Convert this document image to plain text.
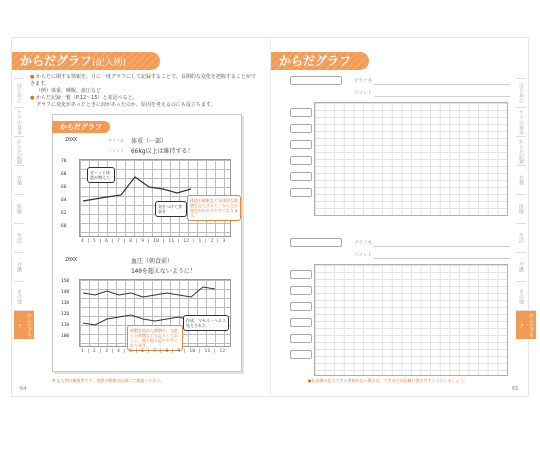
からだグラフ(記入例)
● からだに関する情報を、月に一度グラフにして記録することで、長期的な変化を把握することができます。
（例）体重、睡眠、血圧など
● からだ記録一覧（P.12～15）と並記べると、
グラフに変化があったときに何があったのか、原因を考えるのにも役立ちます。
からだグラフ
20XX	グラフ名 体重（一部）
コメント 66kg以上は維持する！
70
68
66
64
62
60
ガーッと体重が増えた
気をつけて食事を
体重や睡眠など具体的な数値を記入すると、からだの変化がわかりやすくなります。
4 | 5 | 6 | 7 | 8 | 9 | 10 | 11 | 12 | 1 | 2 | 3
20XX	血圧（朝食前）
140を超えないように！
150
140
130
120
110
100
運動を始めた時期や、入院した時期なども記入しておくと、後で振り返りやすくなります。
作成、マモル・へルス 処方された
1 | 2 | 3 | 4 | 5 | 6 | 7 | 8 | 9 | 10 | 11 | 12
※ 記入例は解説用です。実際の数値は医師にご相談ください。
64
はじめに
ケアの基本
からだ記録
お薬
医療
生活
介護
その他
からだグラフ
からだグラフ
グラフ名
コメント
グラフ名
コメント
●任意書の記入できる余裕がない場合は、できるだけ正確に書き写すようにしましょう。
65
はじめに
ケアの基本
からだ記録
お薬
医療
生活
介護
その他
からだグラフ
